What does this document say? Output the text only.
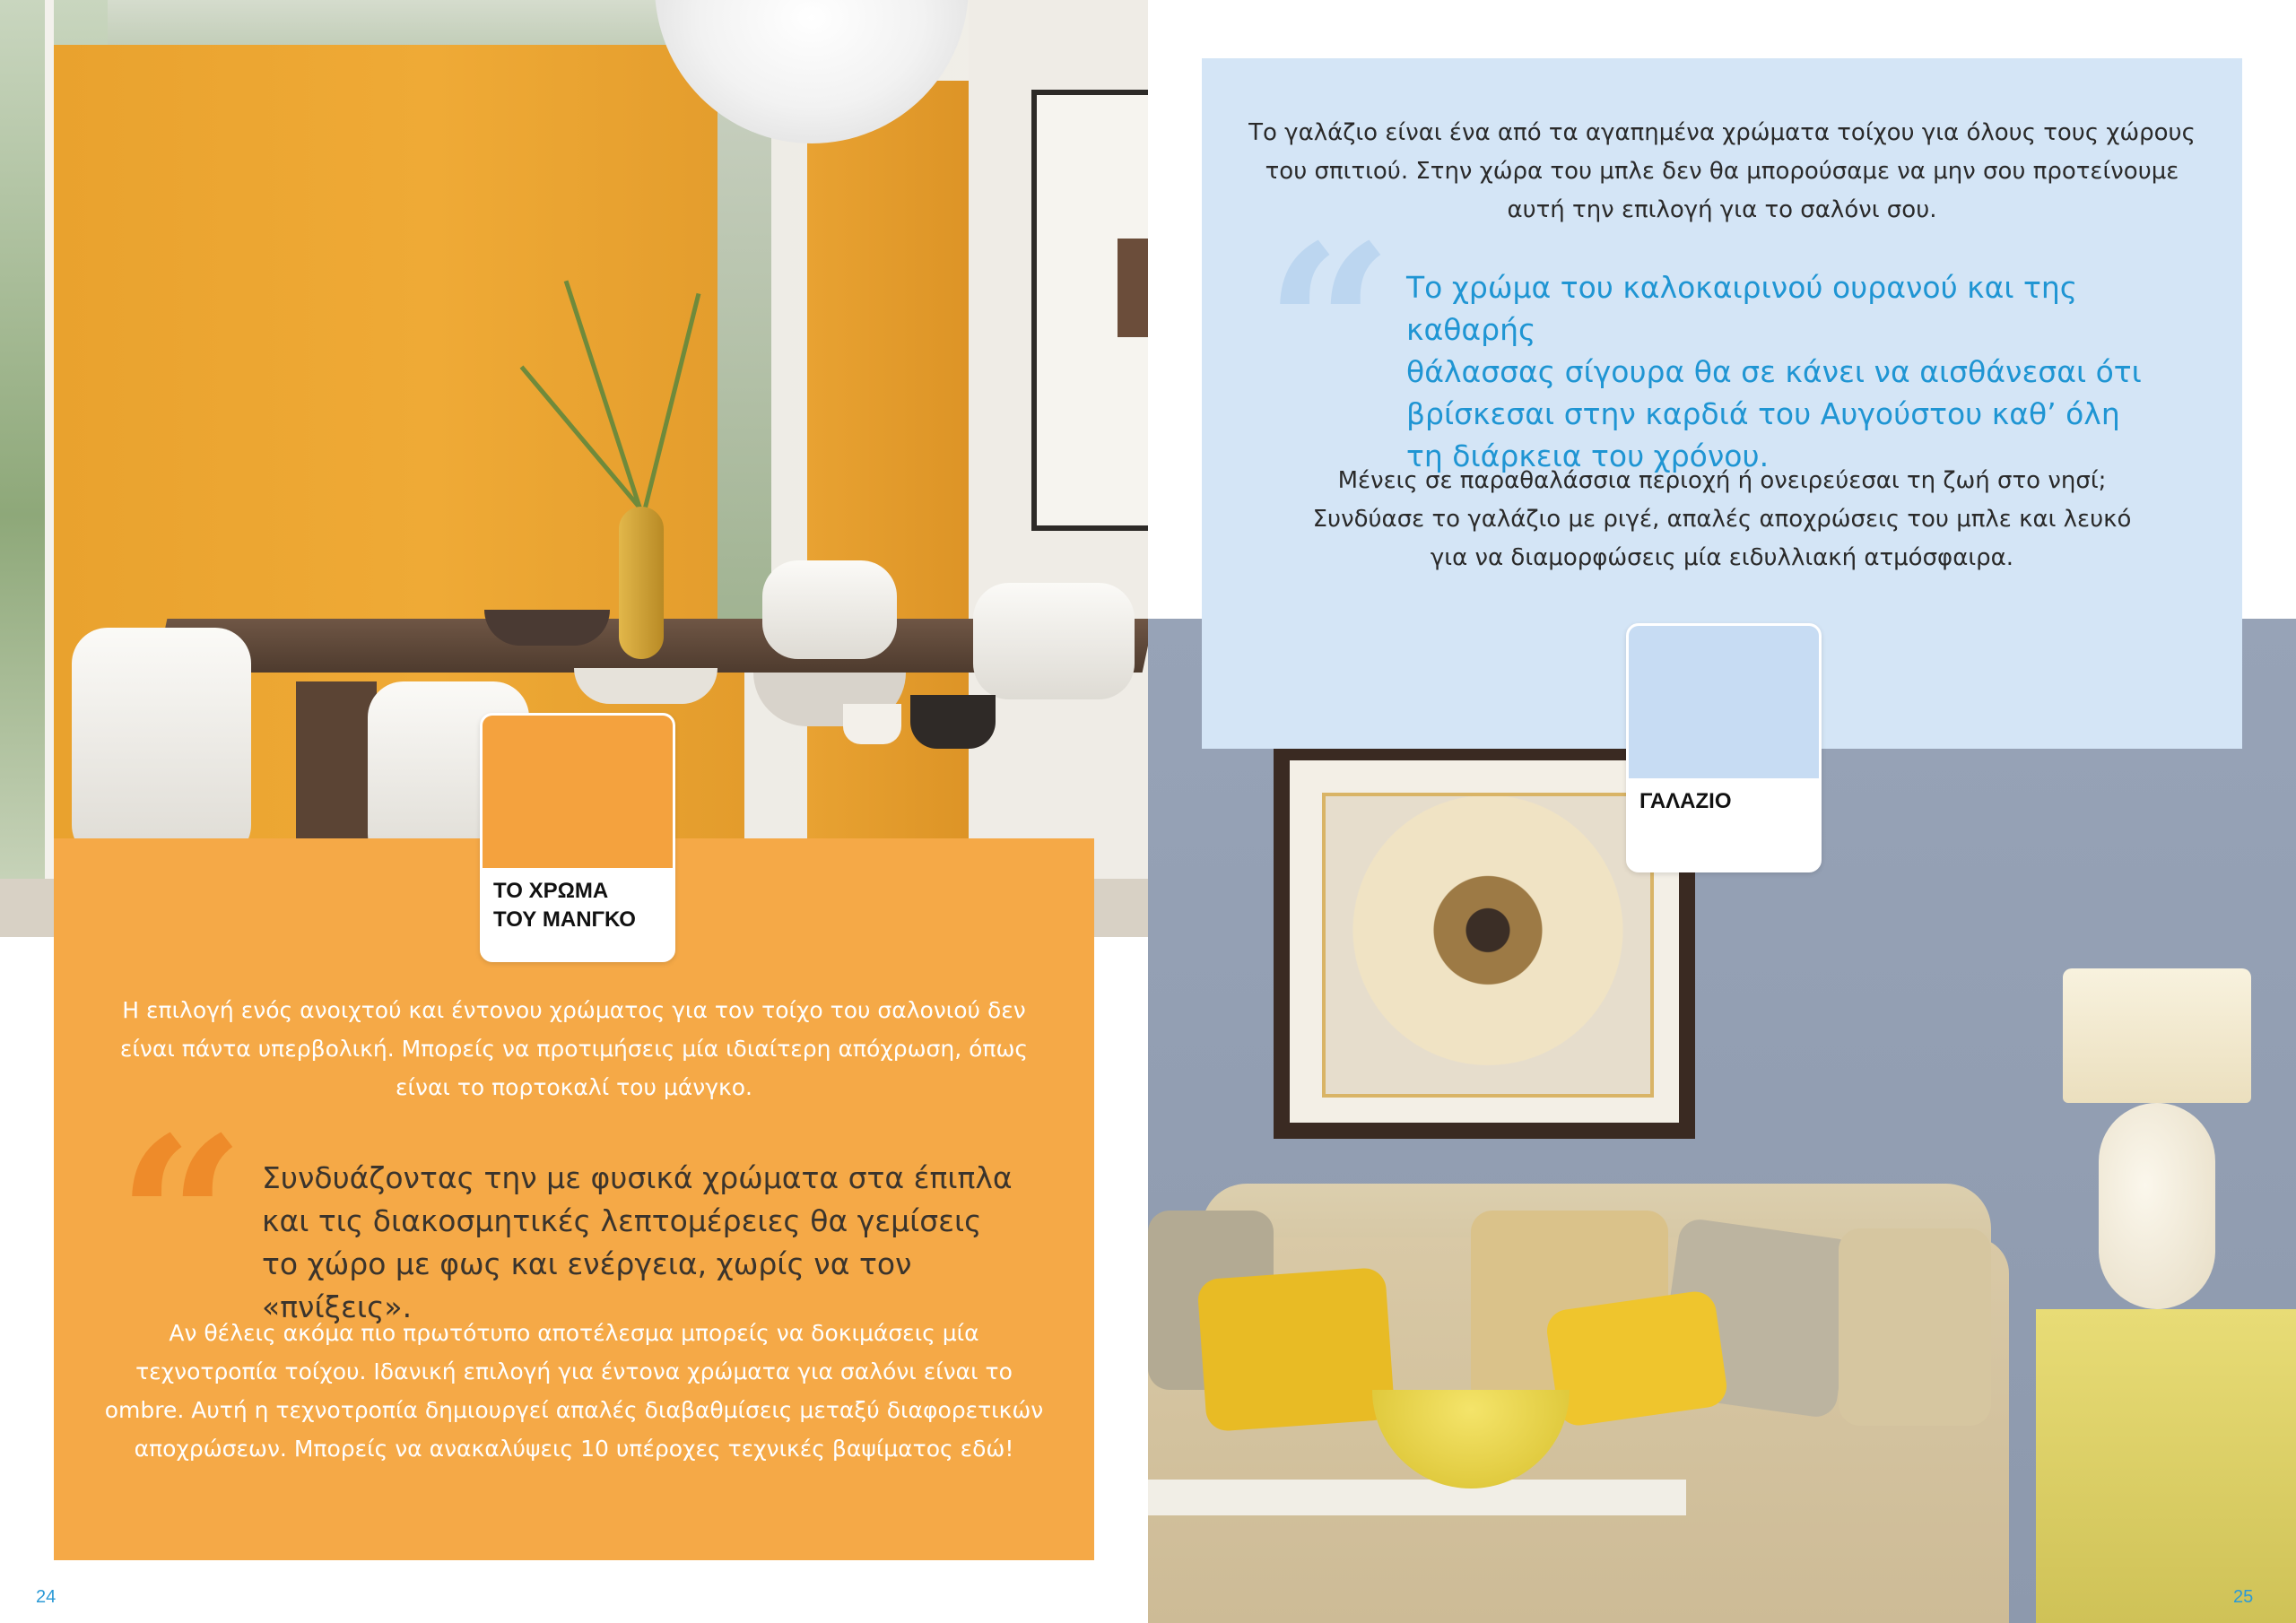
Η επιλογή ενός ανοιχτού και έντονου χρώματος για τον τοίχο του σαλονιού δεν
είναι πάντα υπερβολική. Μπορείς να προτιμήσεις μία ιδιαίτερη απόχρωση, όπως
είναι το πορτοκαλί του μάνγκο.
“ Συνδυάζοντας την με φυσικά χρώματα στα έπιπλα
και τις διακοσμητικές λεπτομέρειες θα γεμίσεις
το χώρο με φως και ενέργεια, χωρίς να τον «πνίξεις».
Αν θέλεις ακόμα πιο πρωτότυπο αποτέλεσμα μπορείς να δοκιμάσεις μία
τεχνοτροπία τοίχου. Ιδανική επιλογή για έντονα χρώματα για σαλόνι είναι το
ombre. Αυτή η τεχνοτροπία δημιουργεί απαλές διαβαθμίσεις μεταξύ διαφορετικών
αποχρώσεων. Μπορείς να ανακαλύψεις 10 υπέροχες τεχνικές βαψίματος εδώ!
ΤΟ ΧΡΩΜΑ
ΤΟΥ ΜΑΝΓΚΟ
24
Το γαλάζιο είναι ένα από τα αγαπημένα χρώματα τοίχου για όλους τους χώρους
του σπιτιού. Στην χώρα του μπλε δεν θα μπορούσαμε να μην σου προτείνουμε
αυτή την επιλογή για το σαλόνι σου.
“ Το χρώμα του καλοκαιρινού ουρανού και της καθαρής
θάλασσας σίγουρα θα σε κάνει να αισθάνεσαι ότι
βρίσκεσαι στην καρδιά του Αυγούστου καθ’ όλη
τη διάρκεια του χρόνου.
Μένεις σε παραθαλάσσια περιοχή ή ονειρεύεσαι τη ζωή στο νησί;
Συνδύασε το γαλάζιο με ριγέ, απαλές αποχρώσεις του μπλε και λευκό
για να διαμορφώσεις μία ειδυλλιακή ατμόσφαιρα.
ΓΑΛΑΖΙΟ
25
